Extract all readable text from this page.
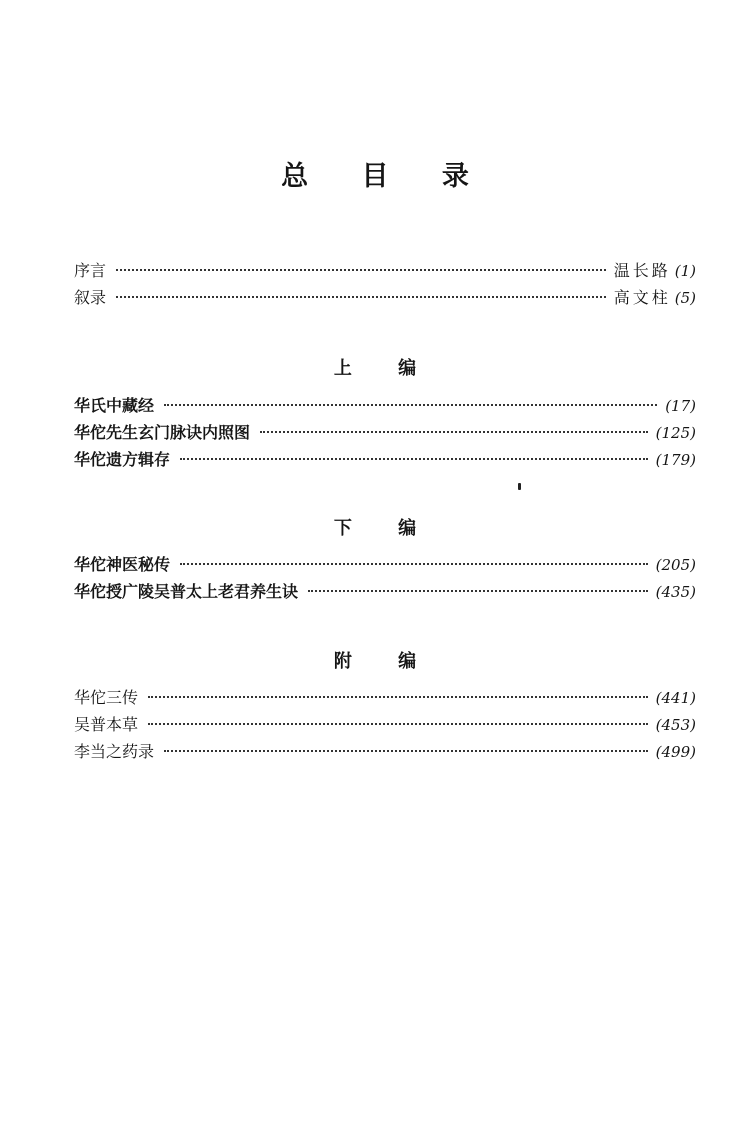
总 目 录
序言	温长路 (1)
叙录	高文柱 (5)
上 编
华氏中藏经	(17)
华佗先生玄门脉诀内照图	(125)
华佗遗方辑存	(179)
下 编
华佗神医秘传	(205)
华佗授广陵吴普太上老君养生诀	(435)
附 编
华佗三传	(441)
吴普本草	(453)
李当之药录	(499)
